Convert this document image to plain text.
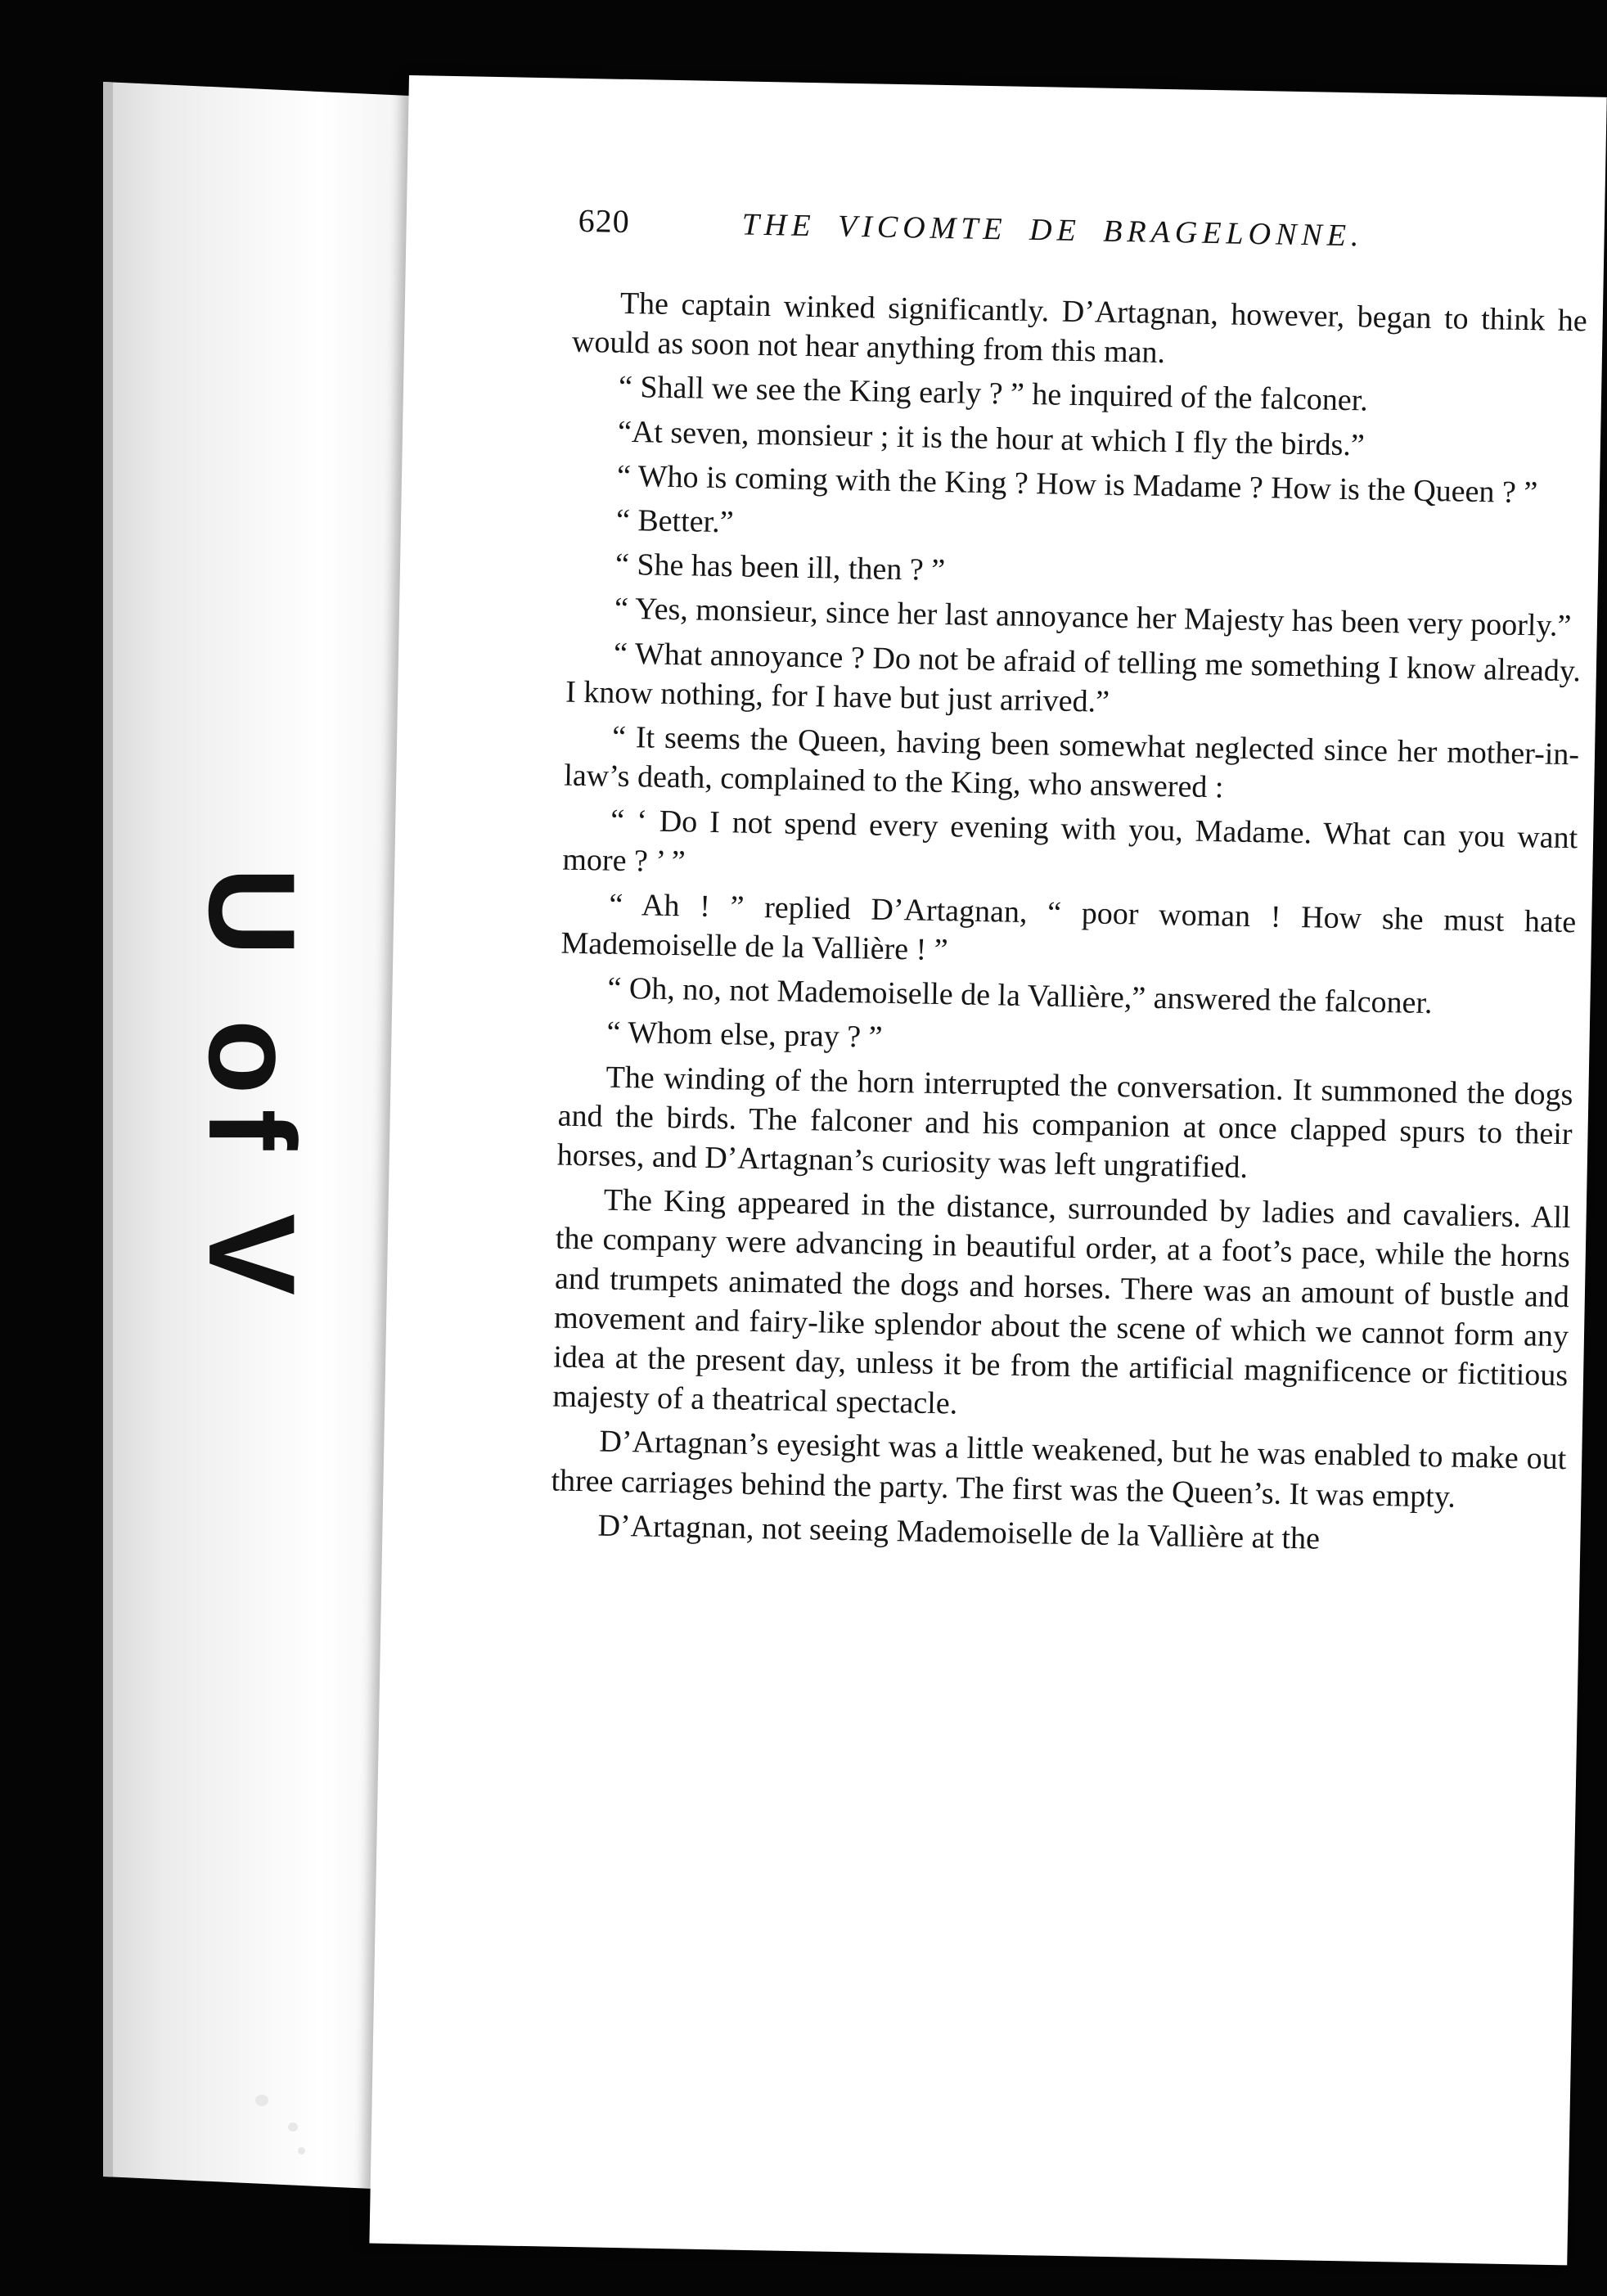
U of V
620	THE VICOMTE DE BRAGELONNE.

The captain winked significantly. D’Artagnan, however, began to think he would as soon not hear anything from this man.

“ Shall we see the King early ? ” he inquired of the falconer.

“At seven, monsieur ; it is the hour at which I fly the birds.”

“ Who is coming with the King ? How is Madame ? How is the Queen ? ”

“ Better.”

“ She has been ill, then ? ”

“ Yes, monsieur, since her last annoyance her Majesty has been very poorly.”

“ What annoyance ? Do not be afraid of telling me something I know already. I know nothing, for I have but just arrived.”

“ It seems the Queen, having been somewhat neglected since her mother-in-law’s death, complained to the King, who answered :

“ ‘ Do I not spend every evening with you, Madame. What can you want more ? ’ ”

“ Ah ! ” replied D’Artagnan, “ poor woman ! How she must hate Mademoiselle de la Vallière ! ”

“ Oh, no, not Mademoiselle de la Vallière,” answered the falconer.

“ Whom else, pray ? ”

The winding of the horn interrupted the conversation. It summoned the dogs and the birds. The falconer and his companion at once clapped spurs to their horses, and D’Artagnan’s curiosity was left ungratified.

The King appeared in the distance, surrounded by ladies and cavaliers. All the company were advancing in beautiful order, at a foot’s pace, while the horns and trumpets animated the dogs and horses. There was an amount of bustle and movement and fairy-like splendor about the scene of which we cannot form any idea at the present day, unless it be from the artificial magnificence or fictitious majesty of a theatrical spectacle.

D’Artagnan’s eyesight was a little weakened, but he was enabled to make out three carriages behind the party. The first was the Queen’s. It was empty.

D’Artagnan, not seeing Mademoiselle de la Vallière at the
